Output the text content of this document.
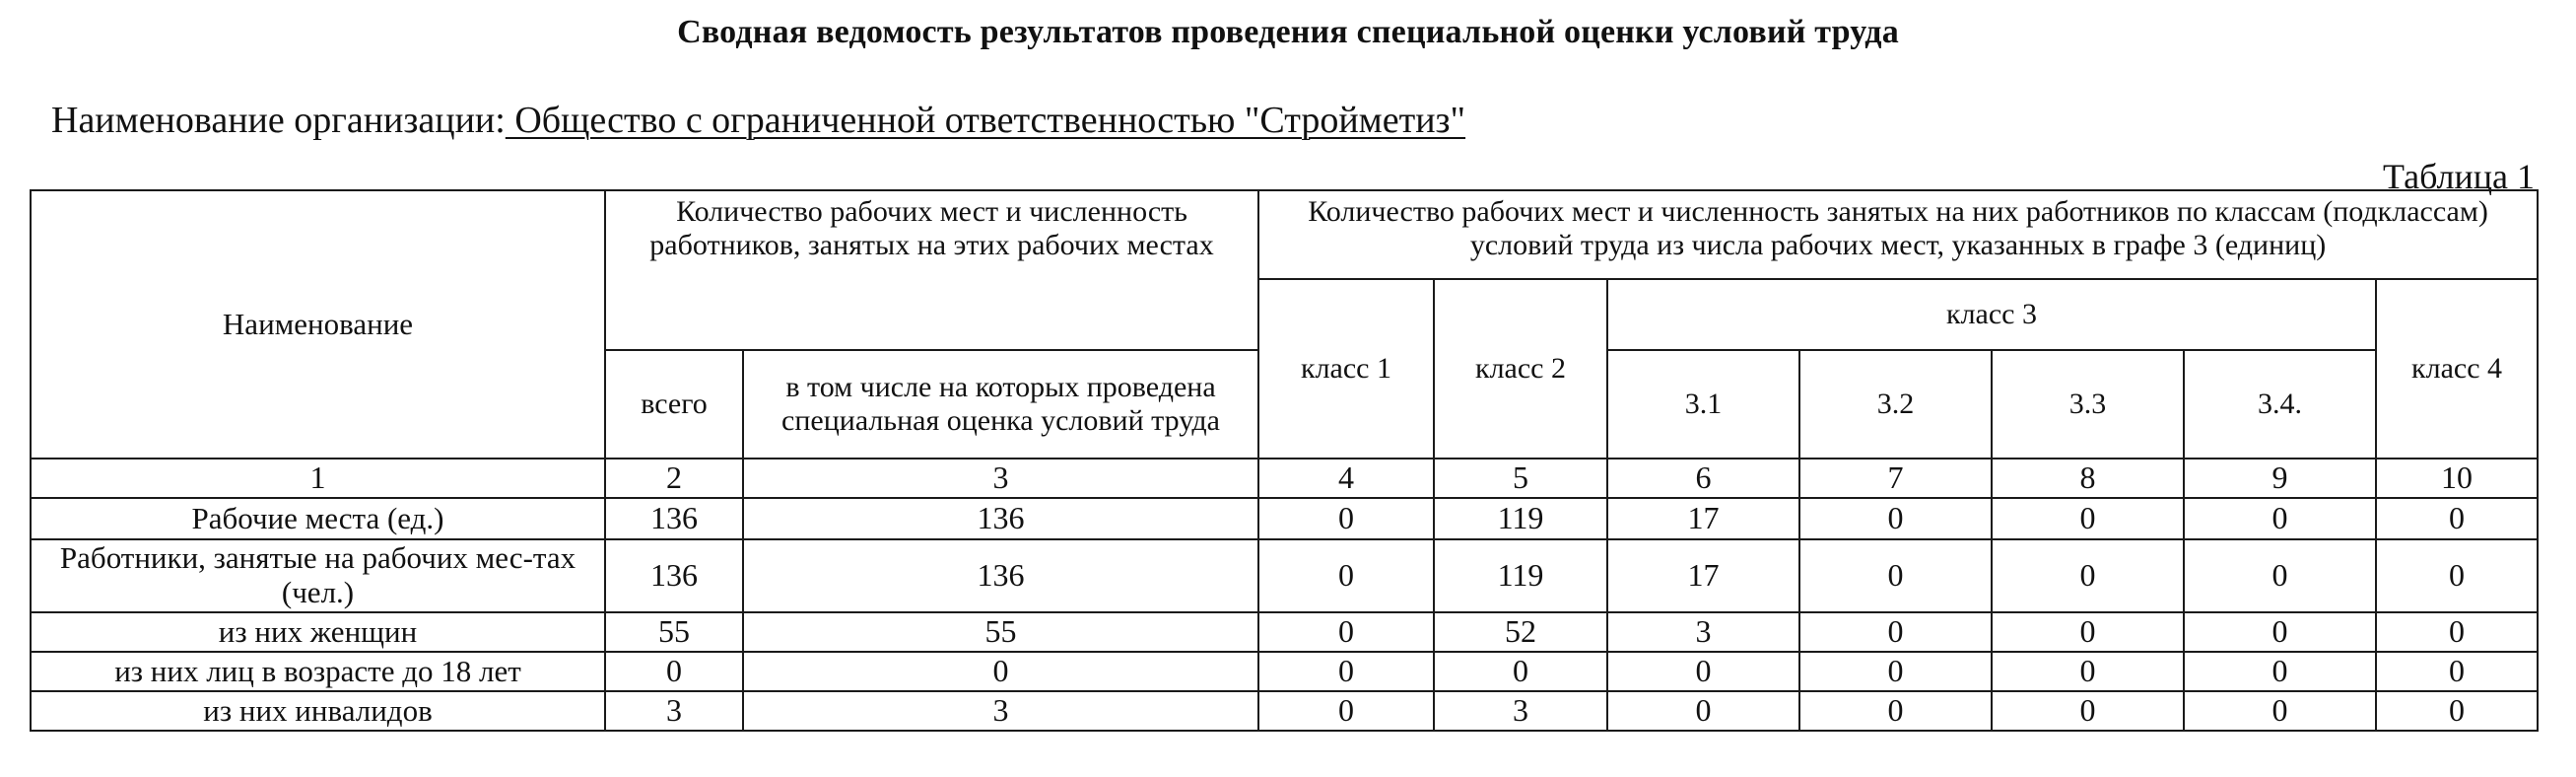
Сводная ведомость результатов проведения специальной оценки условий труда
Наименование организации: Общество с ограниченной ответственностью "Стройметиз"
Таблица 1
Наименование	Количество рабочих мест и численность работников, занятых на этих рабочих местах		Количество рабочих мест и численность занятых на них работников по классам (подклассам) условий труда из числа рабочих мест, указанных в графе 3 (единиц)						
			класс 1	класс 2	класс 3				класс 4
	всего	в том числе на которых проведена специальная оценка условий труда			3.1	3.2	3.3	3.4.	

1	2	3	4	5	6	7	8	9	10
Рабочие места (ед.)	136	136	0	119	17	0	0	0	0
Работники, занятые на рабочих мес-тах (чел.)	136	136	0	119	17	0	0	0	0
из них женщин	55	55	0	52	3	0	0	0	0
из них лиц в возрасте до 18 лет	0	0	0	0	0	0	0	0	0
из них инвалидов	3	3	0	3	0	0	0	0	0
